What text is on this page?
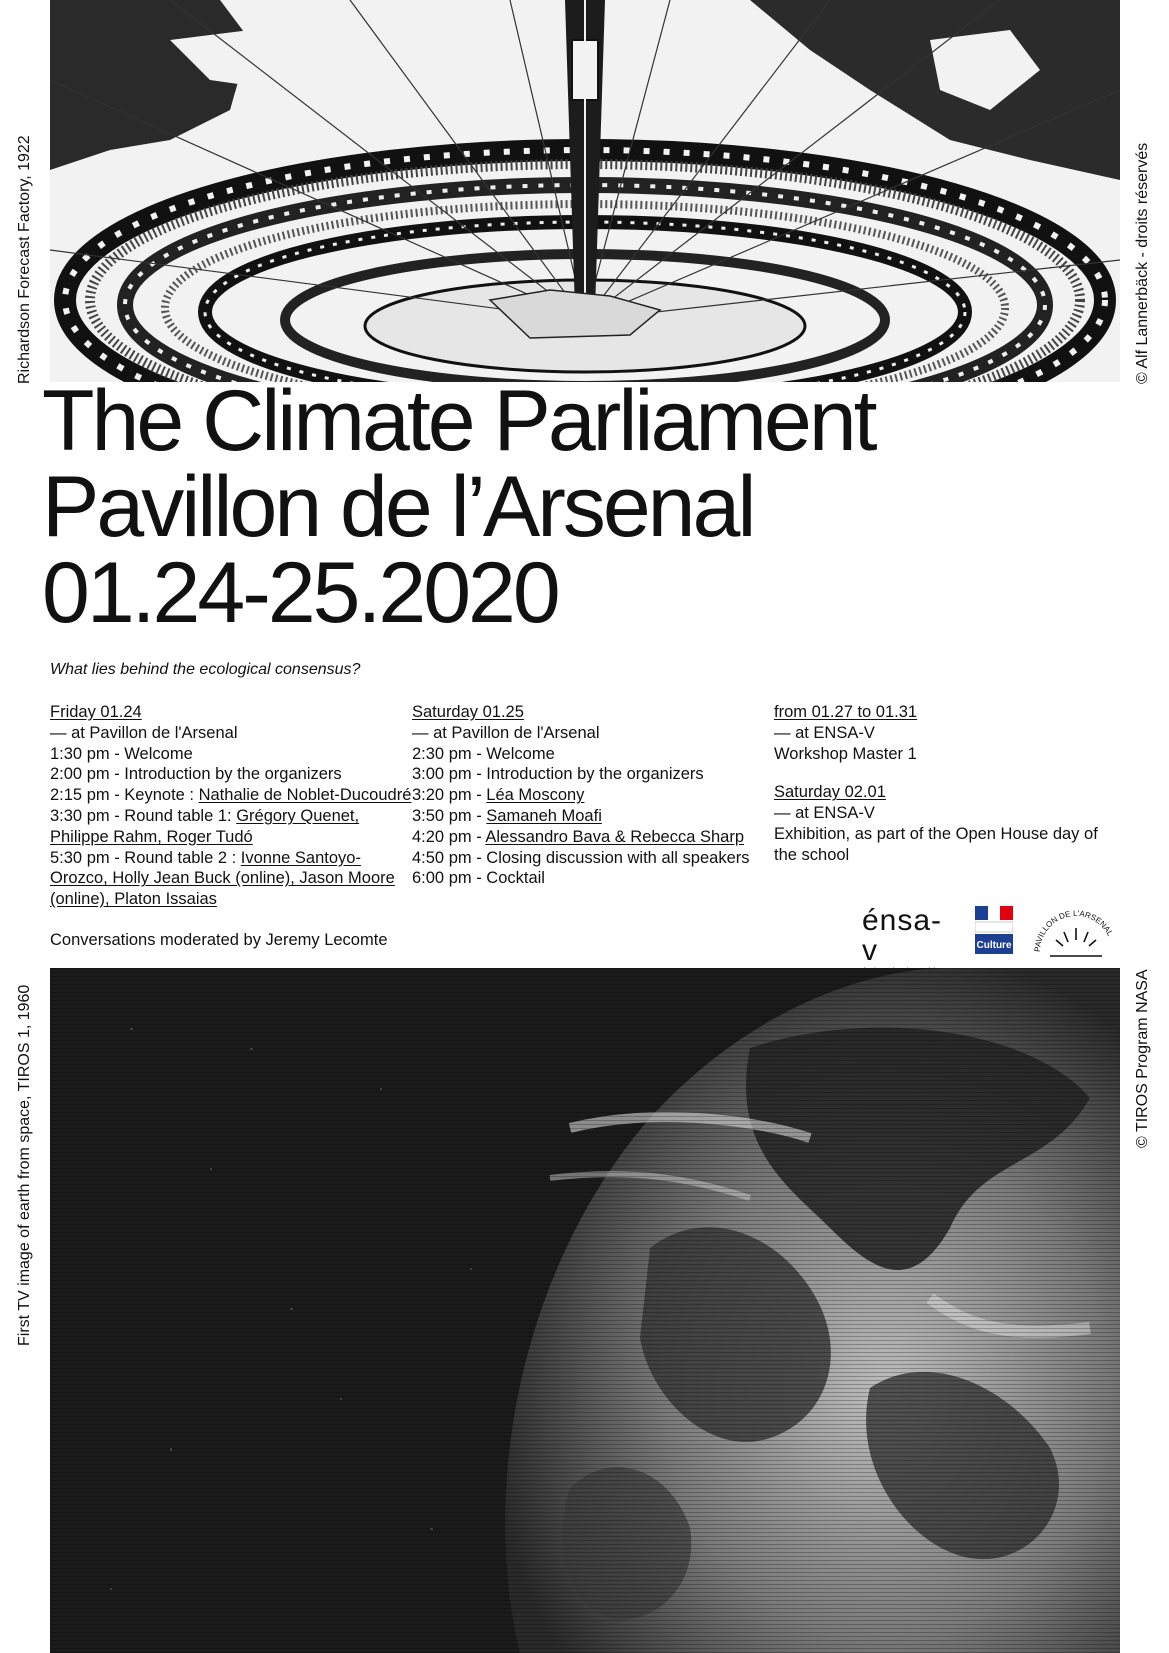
Richardson Forecast Factory, 1922	© Alf Lannerbäck - droits réservés
First TV image of earth from space, TIROS 1, 1960	© TIROS Program NASA
The Climate Parliament
Pavillon de l’Arsenal
01.24-25.2020
What lies behind the ecological consensus?
Friday 01.24
— at Pavillon de l'Arsenal
1:30 pm - Welcome
2:00 pm - Introduction by the organizers
2:15 pm - Keynote : Nathalie de Noblet-Ducoudré
3:30 pm - Round table 1: Grégory Quenet,
Philippe Rahm, Roger Tudó
5:30 pm - Round table 2 : Ivonne Santoyo-
Orozco, Holly Jean Buck (online), Jason Moore
(online), Platon Issaias
Saturday 01.25
— at Pavillon de l'Arsenal
2:30 pm - Welcome
3:00 pm - Introduction by the organizers
3:20 pm - Léa Moscony
3:50 pm - Samaneh Moafi
4:20 pm - Alessandro Bava & Rebecca Sharp
4:50 pm - Closing discussion with all speakers
6:00 pm - Cocktail
from 01.27 to 01.31
— at ENSA-V
Workshop Master 1
Saturday 02.01
— at ENSA-V
Exhibition, as part of the Open House day of
the school
Conversations moderated by Jeremy Lecomte
énsa-v	Culture	PAVILLON DE L'ARSENAL
